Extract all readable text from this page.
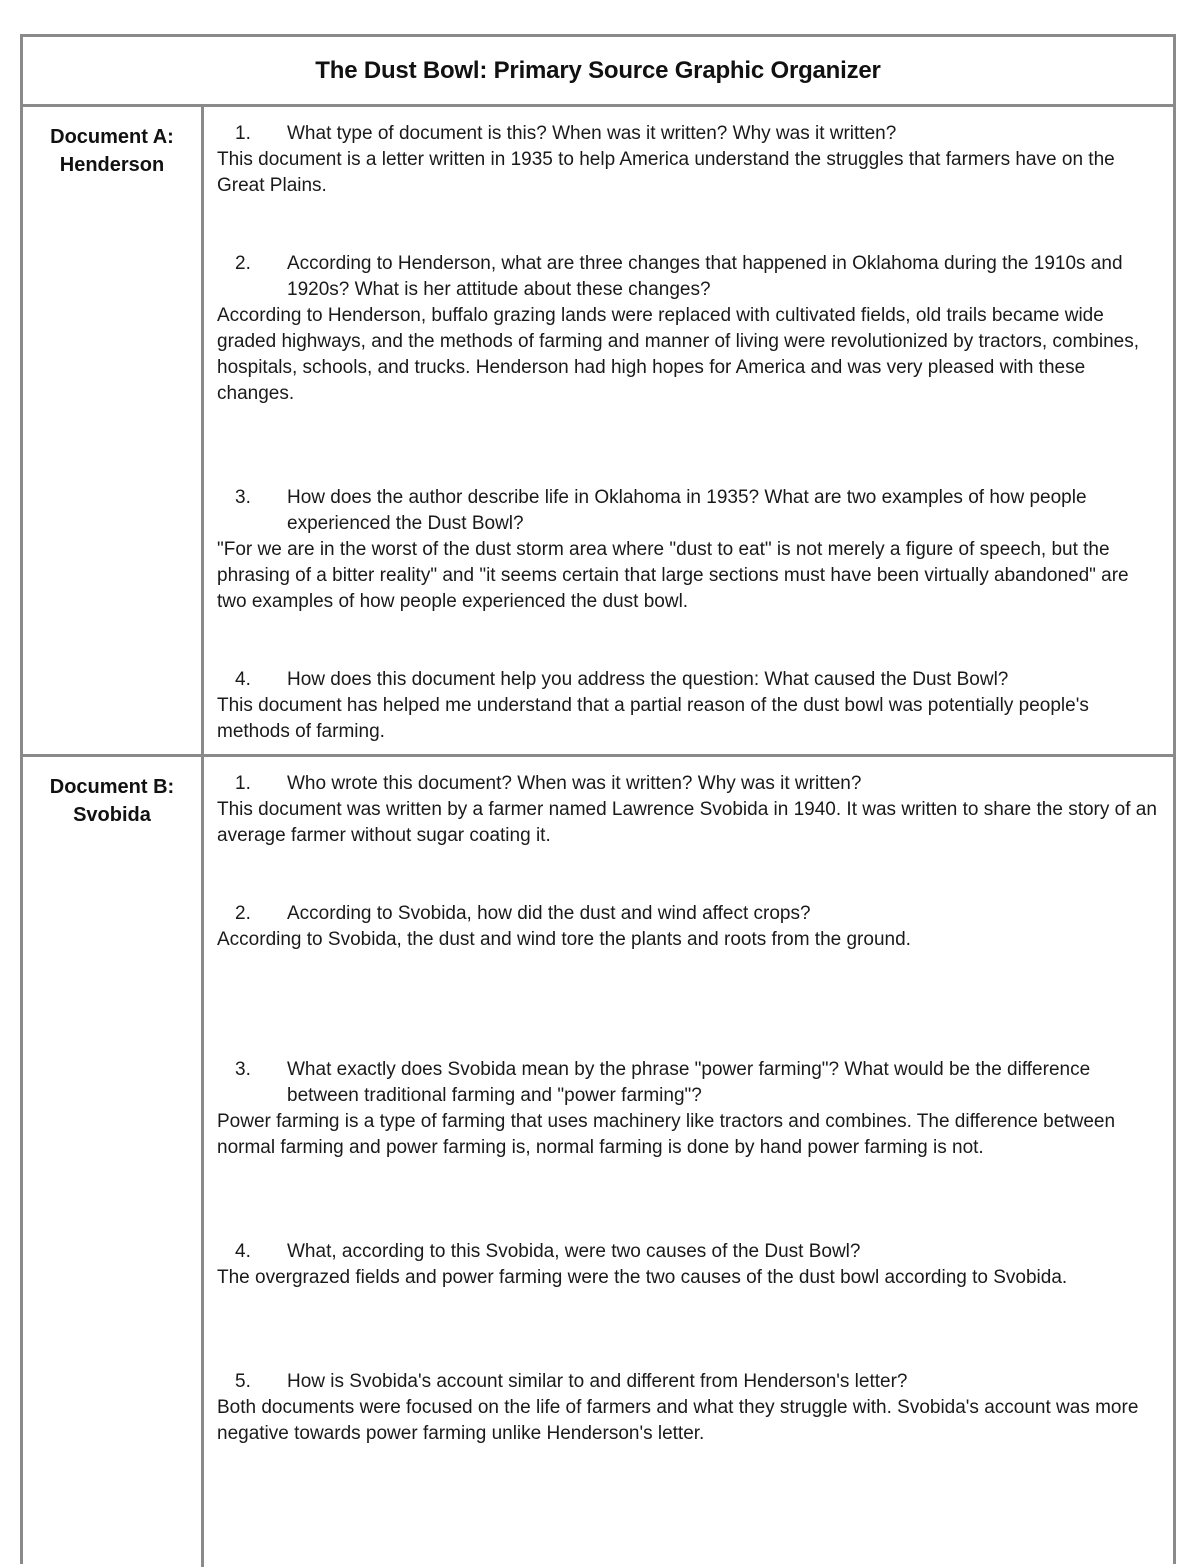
The Dust Bowl: Primary Source Graphic Organizer
Document A:
Henderson
1.	What type of document is this? When was it written? Why was it written?

This document is a letter written in 1935 to help America understand the struggles that farmers have on the Great Plains.

2.	According to Henderson, what are three changes that happened in Oklahoma during the 1910s and 1920s? What is her attitude about these changes?

According to Henderson, buffalo grazing lands were replaced with cultivated fields, old trails became wide graded highways, and the methods of farming and manner of living were revolutionized by tractors, combines, hospitals, schools, and trucks. Henderson had high hopes for America and was very pleased with these changes.

3.	How does the author describe life in Oklahoma in 1935? What are two examples of how people experienced the Dust Bowl?

"For we are in the worst of the dust storm area where "dust to eat" is not merely a figure of speech, but the phrasing of a bitter reality" and "it seems certain that large sections must have been virtually abandoned" are two examples of how people experienced the dust bowl.

4.	How does this document help you address the question: What caused the Dust Bowl?

This document has helped me understand that a partial reason of the dust bowl was potentially people's methods of farming.

Document B:
Svobida
1.	Who wrote this document? When was it written? Why was it written?

This document was written by a farmer named Lawrence Svobida in 1940. It was written to share the story of an average farmer without sugar coating it.

2.	According to Svobida, how did the dust and wind affect crops?

According to Svobida, the dust and wind tore the plants and roots from the ground.

3.	What exactly does Svobida mean by the phrase "power farming"? What would be the difference between traditional farming and "power farming"?

Power farming is a type of farming that uses machinery like tractors and combines. The difference between normal farming and power farming is, normal farming is done by hand power farming is not.

4.	What, according to this Svobida, were two causes of the Dust Bowl?

The overgrazed fields and power farming were the two causes of the dust bowl according to Svobida.

5.	How is Svobida's account similar to and different from Henderson's letter?

Both documents were focused on the life of farmers and what they struggle with. Svobida's account was more negative towards power farming unlike Henderson's letter.
